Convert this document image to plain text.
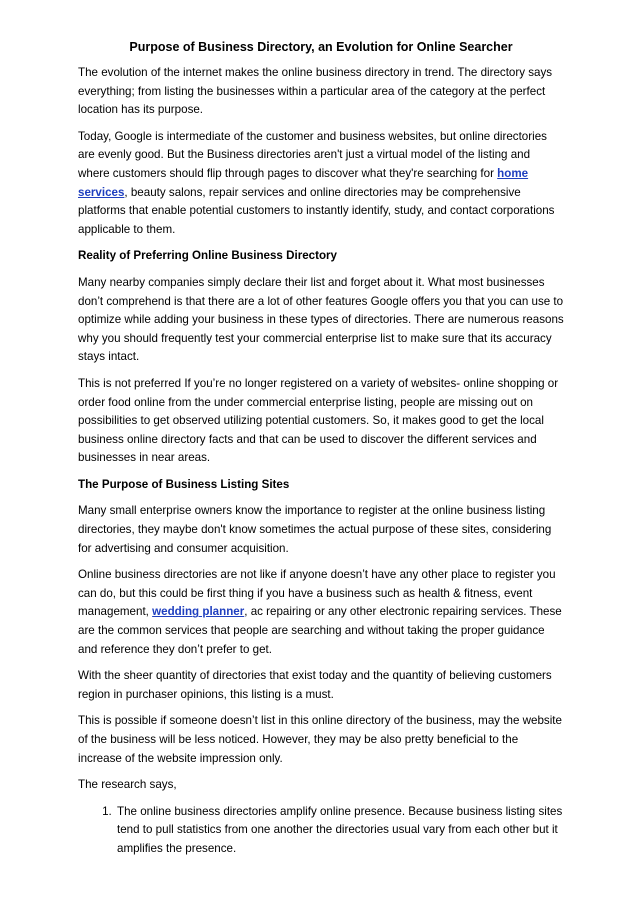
Purpose of Business Directory, an Evolution for Online Searcher

The evolution of the internet makes the online business directory in trend. The directory says everything; from listing the businesses within a particular area of the category at the perfect location has its purpose.

Today, Google is intermediate of the customer and business websites, but online directories are evenly good. But the Business directories aren't just a virtual model of the listing and where customers should flip through pages to discover what they're searching for home services, beauty salons, repair services and online directories may be comprehensive platforms that enable potential customers to instantly identify, study, and contact corporations applicable to them.

Reality of Preferring Online Business Directory

Many nearby companies simply declare their list and forget about it. What most businesses don’t comprehend is that there are a lot of other features Google offers you that you can use to optimize while adding your business in these types of directories. There are numerous reasons why you should frequently test your commercial enterprise list to make sure that its accuracy stays intact.

This is not preferred If you’re no longer registered on a variety of websites- online shopping or order food online from the under commercial enterprise listing, people are missing out on possibilities to get observed utilizing potential customers. So, it makes good to get the local business online directory facts and that can be used to discover the different services and businesses in near areas.

The Purpose of Business Listing Sites

Many small enterprise owners know the importance to register at the online business listing directories, they maybe don't know sometimes the actual purpose of these sites, considering for advertising and consumer acquisition.

Online business directories are not like if anyone doesn’t have any other place to register you can do, but this could be first thing if you have a business such as health & fitness, event management, wedding planner, ac repairing or any other electronic repairing services. These are the common services that people are searching and without taking the proper guidance and reference they don’t prefer to get.

With the sheer quantity of directories that exist today and the quantity of believing customers region in purchaser opinions, this listing is a must.

This is possible if someone doesn’t list in this online directory of the business, may the website of the business will be less noticed. However, they may be also pretty beneficial to the increase of the website impression only.

The research says,

1. The online business directories amplify online presence. Because business listing sites tend to pull statistics from one another the directories usual vary from each other but it amplifies the presence.
